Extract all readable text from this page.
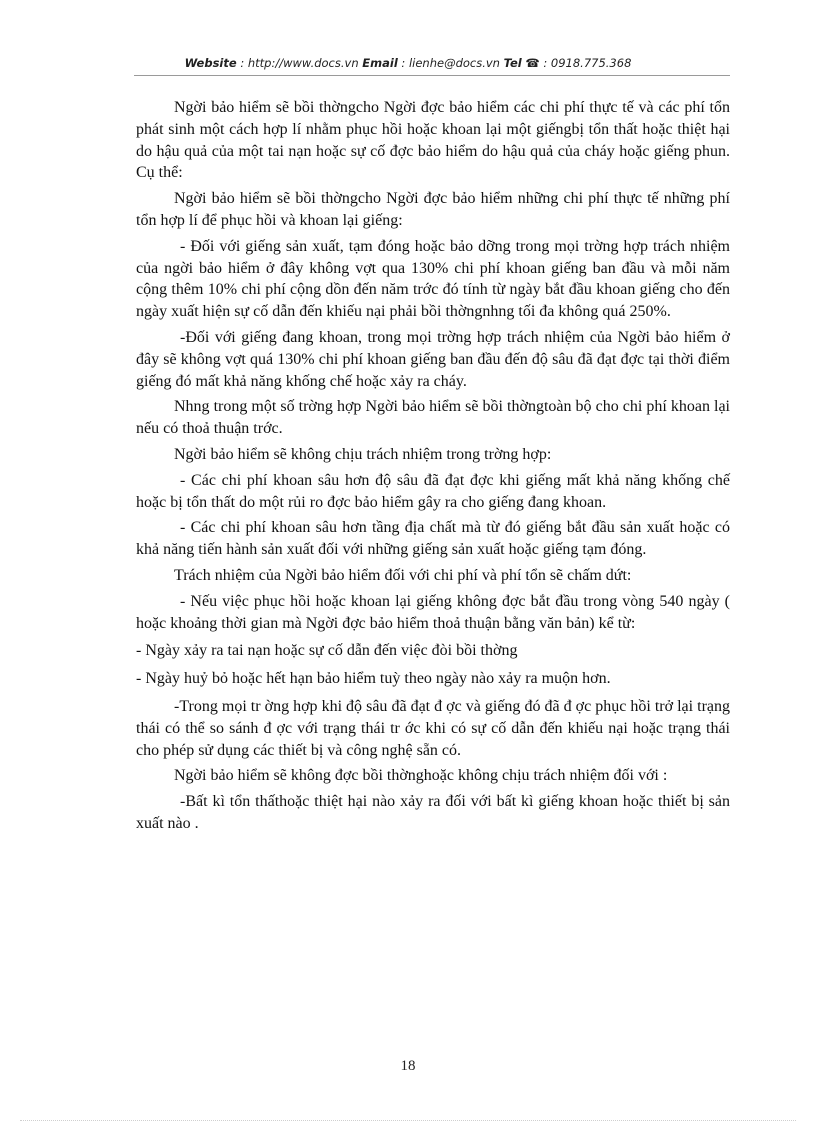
Website : http://www.docs.vn Email : lienhe@docs.vn Tel ☎ : 0918.775.368

Ngời bảo hiểm sẽ bồi thờngcho Ngời đợc bảo hiểm các chi phí thực tế và các phí tổn phát sinh một cách hợp lí nhằm phục hồi hoặc khoan lại một giếngbị tổn thất hoặc thiệt hại do hậu quả của một tai nạn hoặc sự cố đợc bảo hiểm do hậu quả của cháy hoặc giếng phun. Cụ thể:

Ngời bảo hiểm sẽ bồi thờngcho Ngời đợc bảo hiểm những chi phí thực tế những phí tổn hợp lí để phục hồi và khoan lại giếng:

- Đối với giếng sản xuất, tạm đóng hoặc bảo dỡng trong mọi trờng hợp trách nhiệm của ngời bảo hiểm ở đây không vợt qua 130% chi phí khoan giếng ban đầu và mỗi năm cộng thêm 10% chi phí cộng dồn đến năm trớc đó tính từ ngày bắt đầu khoan giếng cho đến ngày xuất hiện sự cố dẫn đến khiếu nại phải bồi thờngnhng tối đa không quá 250%.

-Đối với giếng đang khoan, trong mọi trờng hợp trách nhiệm của Ngời bảo hiểm ở đây sẽ không vợt quá 130% chi phí khoan giếng ban đầu đến độ sâu đã đạt đợc tại thời điểm giếng đó mất khả năng khống chế hoặc xảy ra cháy.

Nhng trong một số trờng hợp Ngời bảo hiểm sẽ bồi thờngtoàn bộ cho chi phí khoan lại nếu có thoả thuận trớc.

Ngời bảo hiểm sẽ không chịu trách nhiệm trong trờng hợp:

- Các chi phí khoan sâu hơn độ sâu đã đạt đợc khi giếng mất khả năng khống chế hoặc bị tổn thất do một rủi ro đợc bảo hiểm gây ra cho giếng đang khoan.

- Các chi phí khoan sâu hơn tầng địa chất mà từ đó giếng bắt đầu sản xuất hoặc có khả năng tiến hành sản xuất đối với những giếng sản xuất hoặc giếng tạm đóng.

Trách nhiệm của Ngời bảo hiểm đối với chi phí và phí tổn sẽ chấm dứt:

- Nếu việc phục hồi hoặc khoan lại giếng không đợc bắt đầu trong vòng 540 ngày ( hoặc khoảng thời gian mà Ngời đợc bảo hiểm thoả thuận bằng văn bản) kể từ:

- Ngày xảy ra tai nạn hoặc sự cố dẫn đến việc đòi bồi thờng

- Ngày huỷ bỏ hoặc hết hạn bảo hiểm tuỳ theo ngày nào xảy ra muộn hơn.

-Trong mọi tr ờng hợp khi độ sâu đã đạt đ ợc và giếng đó đã đ ợc phục hồi trở lại trạng thái có thể so sánh đ ợc với trạng thái tr ớc khi có sự cố dẫn đến khiếu nại hoặc trạng thái cho phép sử dụng các thiết bị và công nghệ sẵn có.

Ngời bảo hiểm sẽ không đợc bồi thờnghoặc không chịu trách nhiệm đối với :

-Bất kì tổn thấthoặc thiệt hại nào xảy ra đối với bất kì giếng khoan hoặc thiết bị sản xuất nào .

18
